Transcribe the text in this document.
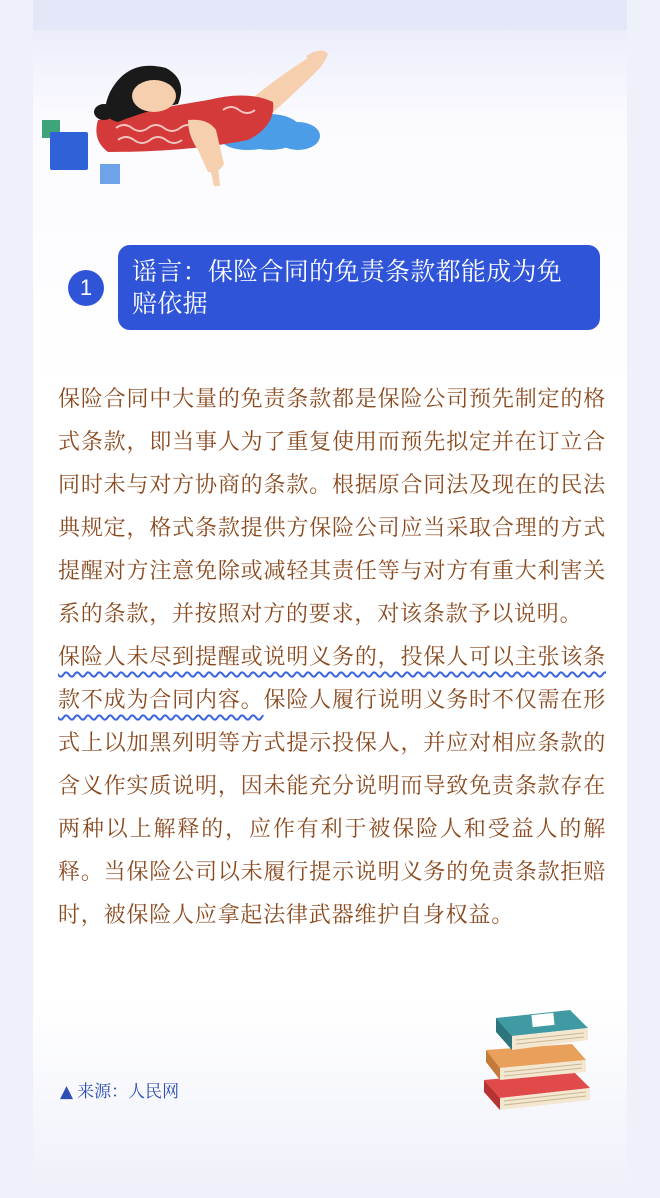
1
谣言：保险合同的免责条款都能成为免赔依据

保险合同中大量的免责条款都是保险公司预先制定的格式条款，即当事人为了重复使用而预先拟定并在订立合同时未与对方协商的条款。根据原合同法及现在的民法典规定，格式条款提供方保险公司应当采取合理的方式提醒对方注意免除或减轻其责任等与对方有重大利害关系的条款，并按照对方的要求，对该条款予以说明。

保险人未尽到提醒或说明义务的，投保人可以主张该条款不成为合同内容。保险人履行说明义务时不仅需在形式上以加黑列明等方式提示投保人，并应对相应条款的含义作实质说明，因未能充分说明而导致免责条款存在两种以上解释的，应作有利于被保险人和受益人的解释。当保险公司以未履行提示说明义务的免责条款拒赔时，被保险人应拿起法律武器维护自身权益。

▲ 来源：人民网
